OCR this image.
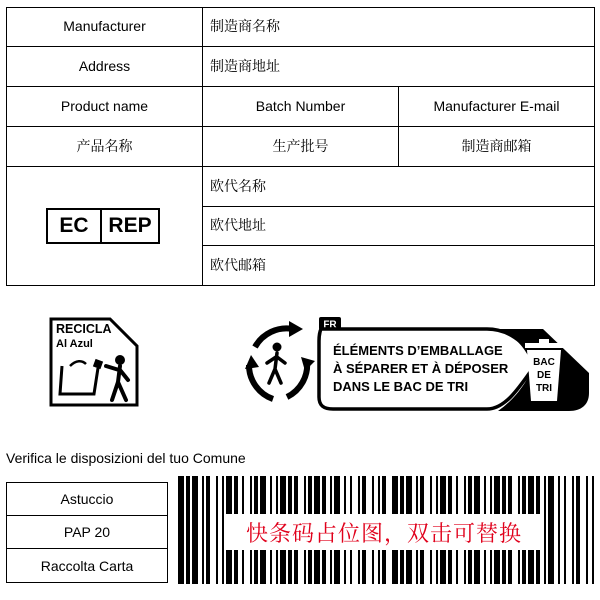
Manufacturer	制造商名称	
Address	制造商地址	
Product name	Batch Number	Manufacturer E-mail
产品名称	生产批号	制造商邮箱

EC REP	欧代名称	
	欧代地址	
	欧代邮箱	
RECICLA
Al Azul
FR
ÉLÉMENTS D’EMBALLAGE
À SÉPARER ET À DÉPOSER
DANS LE BAC DE TRI
BAC
DE
TRI

Verifica le disposizioni del tuo Comune

Astuccio
PAP 20
Raccolta Carta
快条码占位图，双击可替换
